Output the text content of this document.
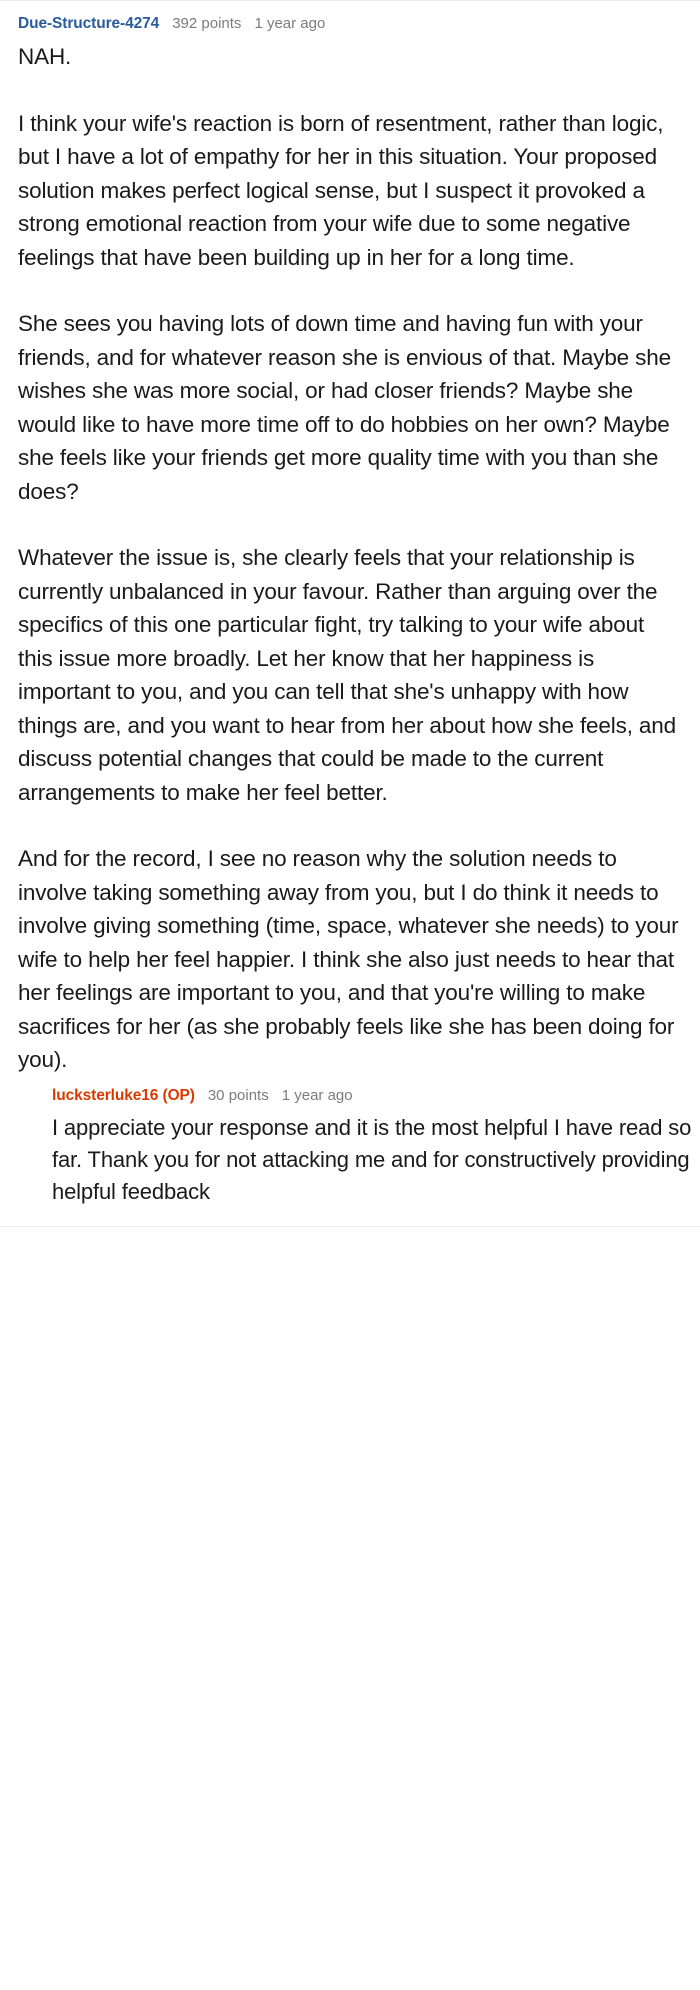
Due-Structure-4274 392 points 1 year ago

NAH.

I think your wife's reaction is born of resentment, rather than logic, but I have a lot of empathy for her in this situation. Your proposed solution makes perfect logical sense, but I suspect it provoked a strong emotional reaction from your wife due to some negative feelings that have been building up in her for a long time.

She sees you having lots of down time and having fun with your friends, and for whatever reason she is envious of that. Maybe she wishes she was more social, or had closer friends? Maybe she would like to have more time off to do hobbies on her own? Maybe she feels like your friends get more quality time with you than she does?

Whatever the issue is, she clearly feels that your relationship is currently unbalanced in your favour. Rather than arguing over the specifics of this one particular fight, try talking to your wife about this issue more broadly. Let her know that her happiness is important to you, and you can tell that she's unhappy with how things are, and you want to hear from her about how she feels, and discuss potential changes that could be made to the current arrangements to make her feel better.

And for the record, I see no reason why the solution needs to involve taking something away from you, but I do think it needs to involve giving something (time, space, whatever she needs) to your wife to help her feel happier. I think she also just needs to hear that her feelings are important to you, and that you're willing to make sacrifices for her (as she probably feels like she has been doing for you).

lucksterluke16 (OP) 30 points 1 year ago

I appreciate your response and it is the most helpful I have read so far. Thank you for not attacking me and for constructively providing helpful feedback
